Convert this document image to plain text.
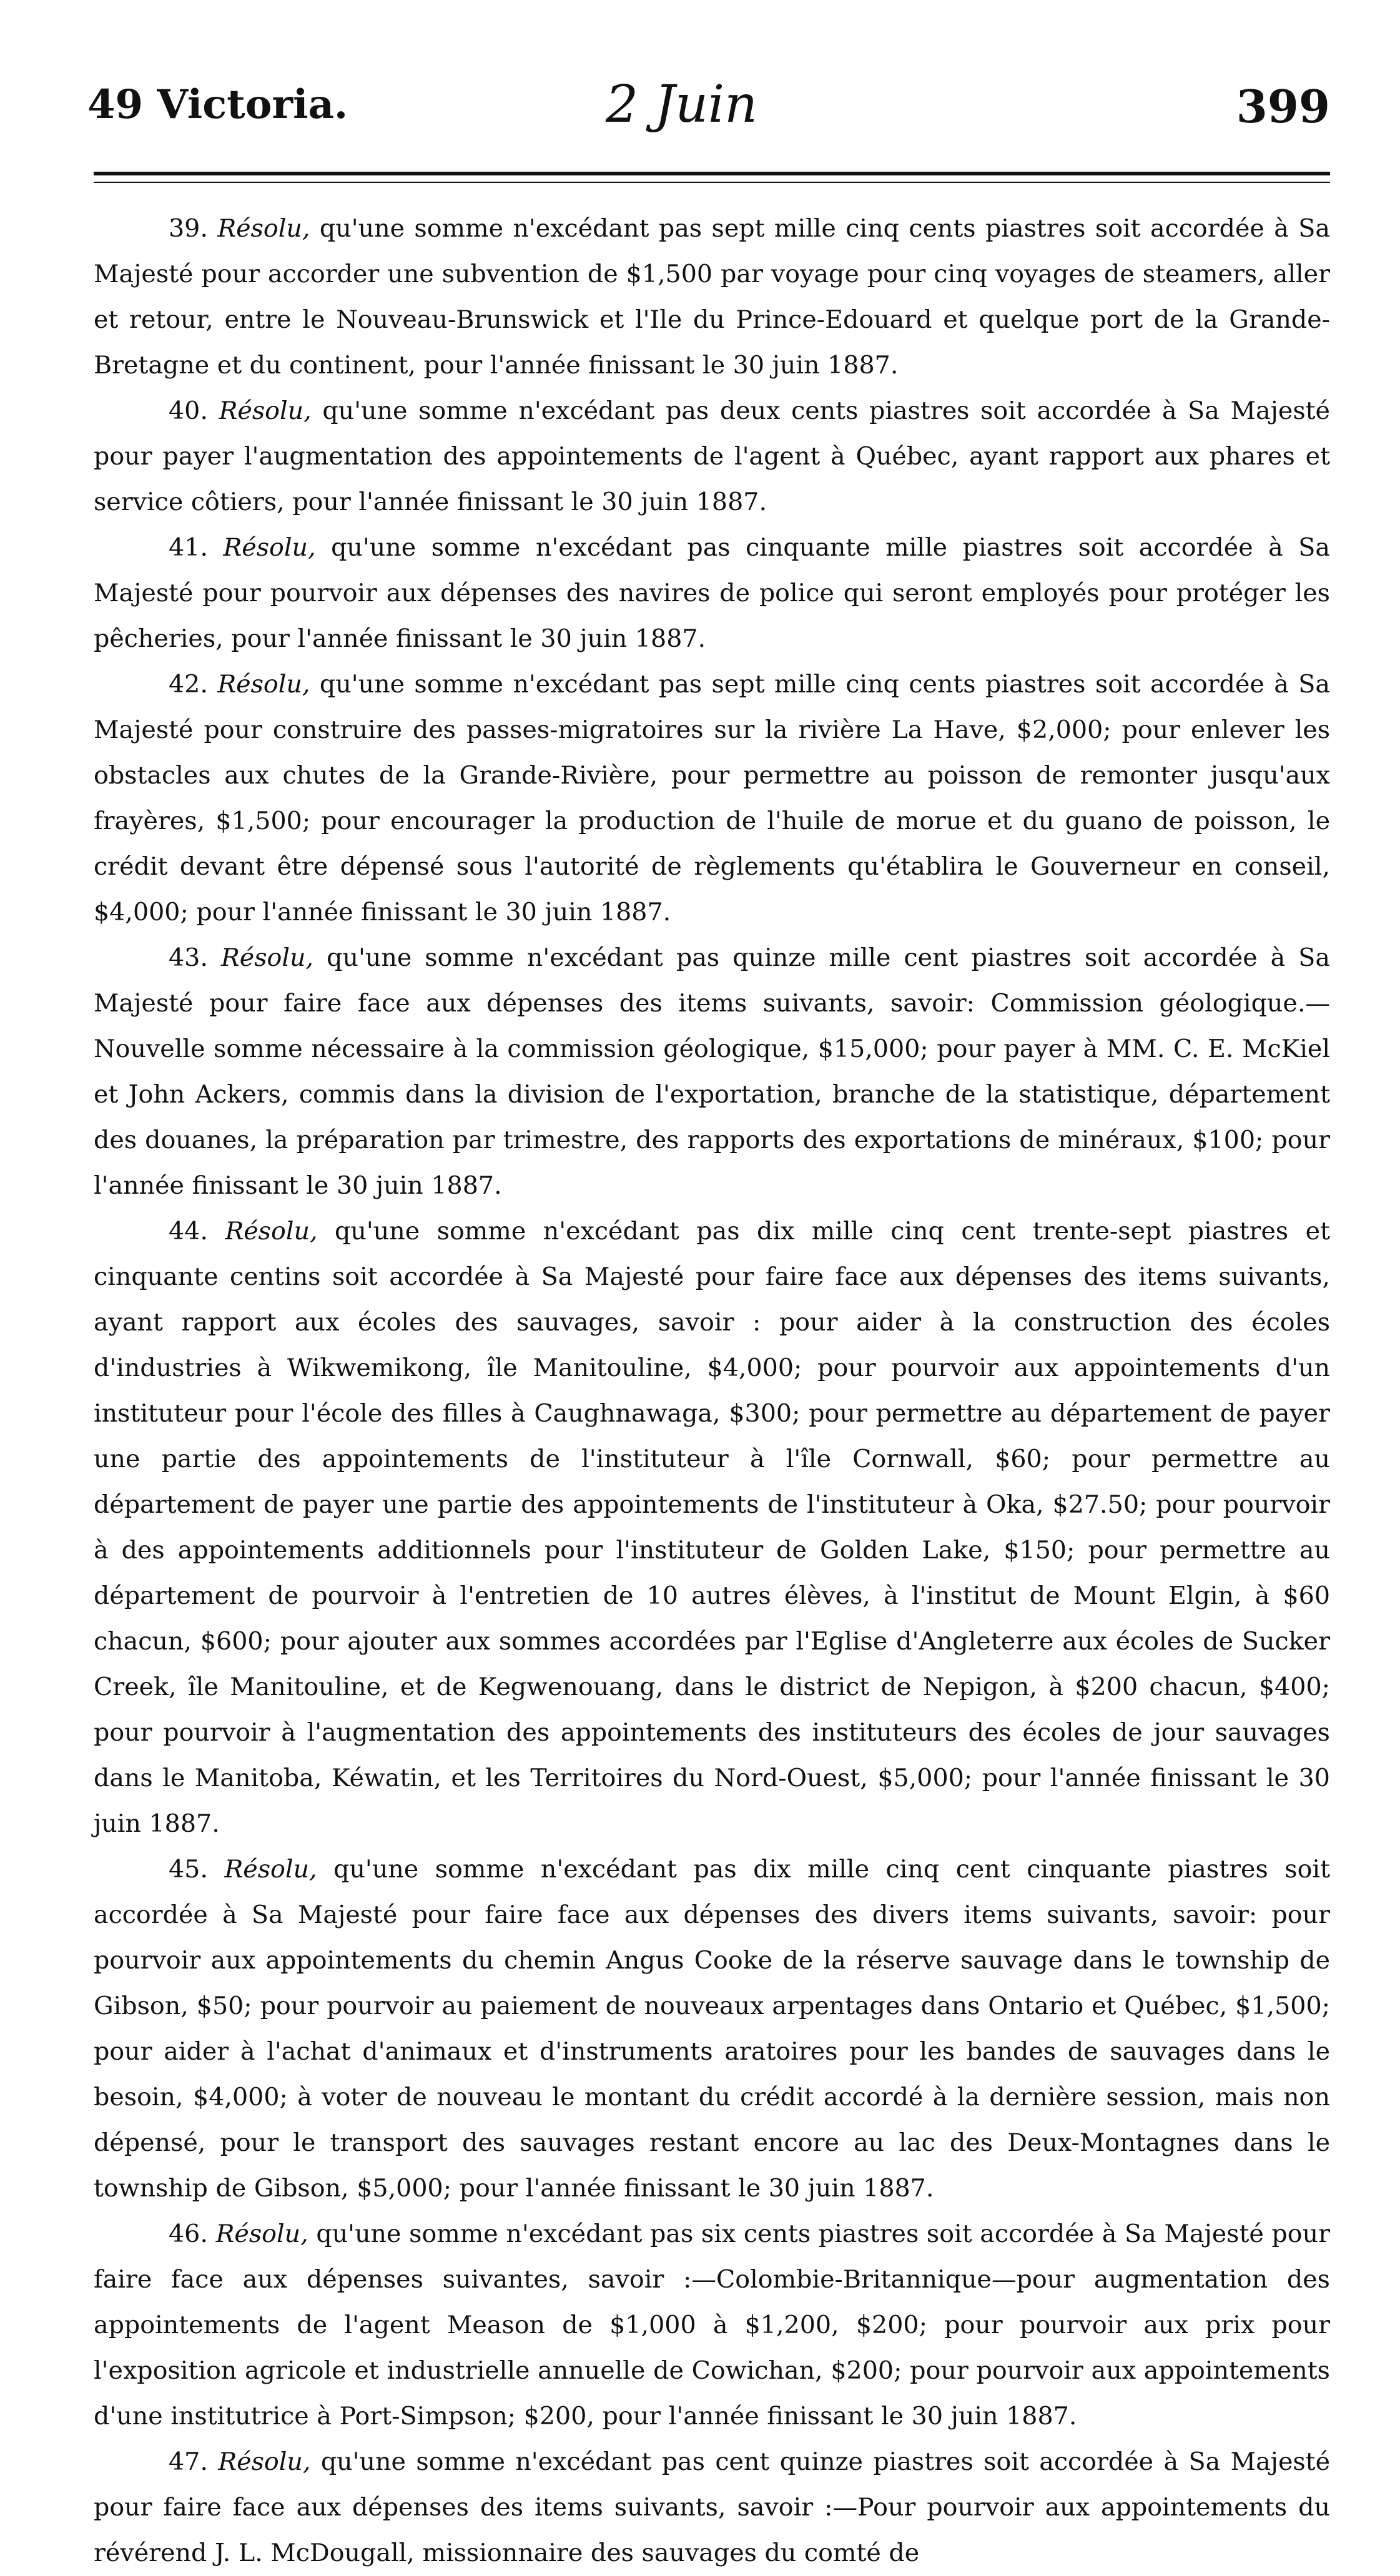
49 Victoria.	2 Juin	399

39. Résolu, qu'une somme n'excédant pas sept mille cinq cents piastres soit accordée à Sa Majesté pour accorder une subvention de $1,500 par voyage pour cinq voyages de steamers, aller et retour, entre le Nouveau-Brunswick et l'Ile du Prince-Edouard et quelque port de la Grande-Bretagne et du continent, pour l'année finissant le 30 juin 1887.

40. Résolu, qu'une somme n'excédant pas deux cents piastres soit accordée à Sa Majesté pour payer l'augmentation des appointements de l'agent à Québec, ayant rapport aux phares et service côtiers, pour l'année finissant le 30 juin 1887.

41. Résolu, qu'une somme n'excédant pas cinquante mille piastres soit accordée à Sa Majesté pour pourvoir aux dépenses des navires de police qui seront employés pour protéger les pêcheries, pour l'année finissant le 30 juin 1887.

42. Résolu, qu'une somme n'excédant pas sept mille cinq cents piastres soit accordée à Sa Majesté pour construire des passes-migratoires sur la rivière La Have, $2,000; pour enlever les obstacles aux chutes de la Grande-Rivière, pour permettre au poisson de remonter jusqu'aux frayères, $1,500; pour encourager la production de l'huile de morue et du guano de poisson, le crédit devant être dépensé sous l'autorité de règlements qu'établira le Gouverneur en conseil, $4,000; pour l'année finissant le 30 juin 1887.

43. Résolu, qu'une somme n'excédant pas quinze mille cent piastres soit accordée à Sa Majesté pour faire face aux dépenses des items suivants, savoir: Commission géologique.—Nouvelle somme nécessaire à la commission géologique, $15,000; pour payer à MM. C. E. McKiel et John Ackers, commis dans la division de l'exportation, branche de la statistique, département des douanes, la préparation par trimestre, des rapports des exportations de minéraux, $100; pour l'année finissant le 30 juin 1887.

44. Résolu, qu'une somme n'excédant pas dix mille cinq cent trente-sept piastres et cinquante centins soit accordée à Sa Majesté pour faire face aux dépenses des items suivants, ayant rapport aux écoles des sauvages, savoir : pour aider à la construction des écoles d'industries à Wikwemikong, île Manitouline, $4,000; pour pourvoir aux appointements d'un instituteur pour l'école des filles à Caughnawaga, $300; pour permettre au département de payer une partie des appointements de l'instituteur à l'île Cornwall, $60; pour permettre au département de payer une partie des appointements de l'instituteur à Oka, $27.50; pour pourvoir à des appointements additionnels pour l'instituteur de Golden Lake, $150; pour permettre au département de pourvoir à l'entretien de 10 autres élèves, à l'institut de Mount Elgin, à $60 chacun, $600; pour ajouter aux sommes accordées par l'Eglise d'Angleterre aux écoles de Sucker Creek, île Manitouline, et de Kegwenouang, dans le district de Nepigon, à $200 chacun, $400; pour pourvoir à l'augmentation des appointements des instituteurs des écoles de jour sauvages dans le Manitoba, Kéwatin, et les Territoires du Nord-Ouest, $5,000; pour l'année finissant le 30 juin 1887.

45. Résolu, qu'une somme n'excédant pas dix mille cinq cent cinquante piastres soit accordée à Sa Majesté pour faire face aux dépenses des divers items suivants, savoir: pour pourvoir aux appointements du chemin Angus Cooke de la réserve sauvage dans le township de Gibson, $50; pour pourvoir au paiement de nouveaux arpentages dans Ontario et Québec, $1,500; pour aider à l'achat d'animaux et d'instruments aratoires pour les bandes de sauvages dans le besoin, $4,000; à voter de nouveau le montant du crédit accordé à la dernière session, mais non dépensé, pour le transport des sauvages restant encore au lac des Deux-Montagnes dans le township de Gibson, $5,000; pour l'année finissant le 30 juin 1887.

46. Résolu, qu'une somme n'excédant pas six cents piastres soit accordée à Sa Majesté pour faire face aux dépenses suivantes, savoir :—Colombie-Britannique—pour augmentation des appointements de l'agent Meason de $1,000 à $1,200, $200; pour pourvoir aux prix pour l'exposition agricole et industrielle annuelle de Cowichan, $200; pour pourvoir aux appointements d'une institutrice à Port-Simpson; $200, pour l'année finissant le 30 juin 1887.

47. Résolu, qu'une somme n'excédant pas cent quinze piastres soit accordée à Sa Majesté pour faire face aux dépenses des items suivants, savoir :—Pour pourvoir aux appointements du révérend J. L. McDougall, missionnaire des sauvages du comté de
